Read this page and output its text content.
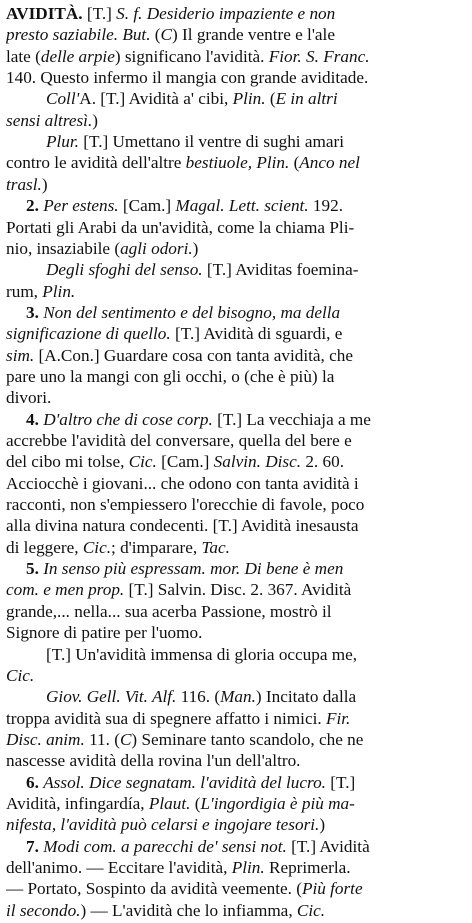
AVIDITÀ. [T.] S. f. Desiderio impaziente e non
presto saziabile. But. (C) Il grande ventre e l'ale
late (delle arpie) significano l'avidità. Fior. S. Franc.
140. Questo infermo il mangia con grande aviditade.
Coll'A. [T.] Avidità a' cibi, Plin. (E in altri
sensi altresì.)
Plur. [T.] Umettano il ventre di sughi amari
contro le avidità dell'altre bestiuole, Plin. (Anco nel
trasl.)
2. Per estens. [Cam.] Magal. Lett. scient. 192.
Portati gli Arabi da un'avidità, come la chiama Pli-
nio, insaziabile (agli odori.)
Degli sfoghi del senso. [T.] Aviditas foemina-
rum, Plin.
3. Non del sentimento e del bisogno, ma della
significazione di quello. [T.] Avidità di sguardi, e
sim. [A.Con.] Guardare cosa con tanta avidità, che
pare uno la mangi con gli occhi, o (che è più) la
divori.
4. D'altro che di cose corp. [T.] La vecchiaja a me
accrebbe l'avidità del conversare, quella del bere e
del cibo mi tolse, Cic. [Cam.] Salvin. Disc. 2. 60.
Acciocchè i giovani... che odono con tanta avidità i
racconti, non s'empiessero l'orecchie di favole, poco
alla divina natura condecenti. [T.] Avidità inesausta
di leggere, Cic.; d'imparare, Tac.
5. In senso più espressam. mor. Di bene è men
com. e men prop. [T.] Salvin. Disc. 2. 367. Avidità
grande,... nella... sua acerba Passione, mostrò il
Signore di patire per l'uomo.
[T.] Un'avidità immensa di gloria occupa me,
Cic.
Giov. Gell. Vit. Alf. 116. (Man.) Incitato dalla
troppa avidità sua di spegnere affatto i nimici. Fir.
Disc. anim. 11. (C) Seminare tanto scandolo, che ne
nascesse avidità della rovina l'un dell'altro.
6. Assol. Dice segnatam. l'avidità del lucro. [T.]
Avidità, infingardía, Plaut. (L'ingordigia è più ma-
nifesta, l'avidità può celarsi e ingojare tesori.)
7. Modi com. a parecchi de' sensi not. [T.] Avidità
dell'animo. — Eccitare l'avidità, Plin. Reprimerla.
— Portato, Sospinto da avidità veemente. (Più forte
il secondo.) — L'avidità che lo infiamma, Cic.
